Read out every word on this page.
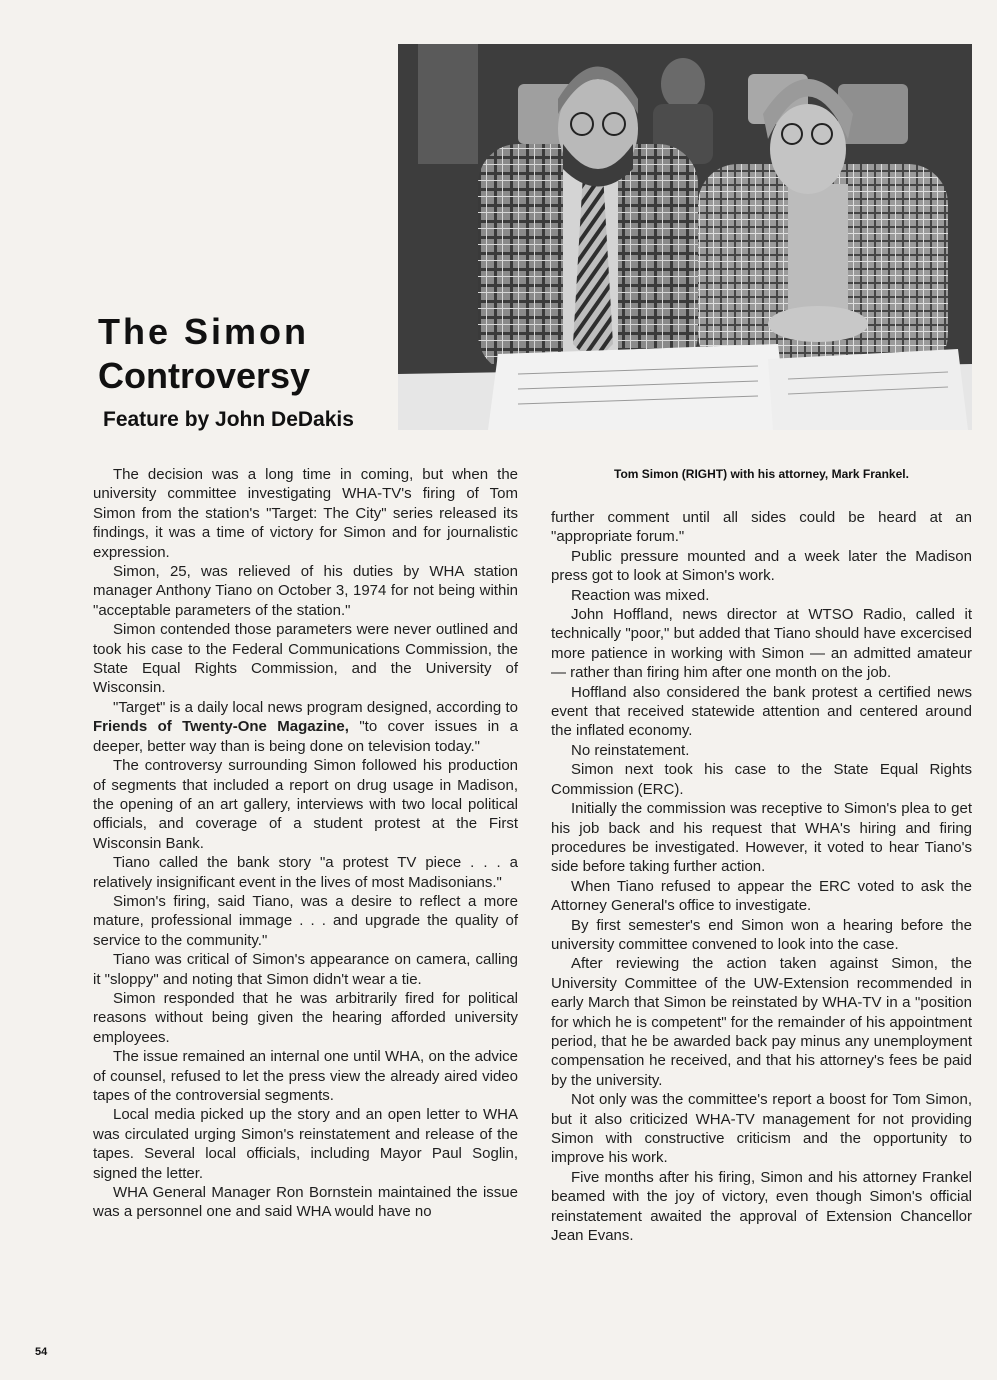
The Simon
Controversy
Feature by John DeDakis
Tom Simon (RIGHT) with his attorney, Mark Frankel.

The decision was a long time in coming, but when the university committee investigating WHA-TV's firing of Tom Simon from the station's "Target: The City" series released its findings, it was a time of victory for Simon and for journalistic expression.

Simon, 25, was relieved of his duties by WHA station manager Anthony Tiano on October 3, 1974 for not being within "acceptable parameters of the station."

Simon contended those parameters were never outlined and took his case to the Federal Communications Commission, the State Equal Rights Commission, and the University of Wisconsin.

"Target" is a daily local news program designed, according to Friends of Twenty-One Magazine, "to cover issues in a deeper, better way than is being done on television today."

The controversy surrounding Simon followed his production of segments that included a report on drug usage in Madison, the opening of an art gallery, interviews with two local political officials, and coverage of a student protest at the First Wisconsin Bank.

Tiano called the bank story "a protest TV piece . . . a relatively insignificant event in the lives of most Madisonians."

Simon's firing, said Tiano, was a desire to reflect a more mature, professional immage . . . and upgrade the quality of service to the community."

Tiano was critical of Simon's appearance on camera, calling it "sloppy" and noting that Simon didn't wear a tie.

Simon responded that he was arbitrarily fired for political reasons without being given the hearing afforded university employees.

The issue remained an internal one until WHA, on the advice of counsel, refused to let the press view the already aired video tapes of the controversial segments.

Local media picked up the story and an open letter to WHA was circulated urging Simon's reinstatement and release of the tapes. Several local officials, including Mayor Paul Soglin, signed the letter.

WHA General Manager Ron Bornstein maintained the issue was a personnel one and said WHA would have no

further comment until all sides could be heard at an "appropriate forum."

Public pressure mounted and a week later the Madison press got to look at Simon's work.

Reaction was mixed.

John Hoffland, news director at WTSO Radio, called it technically "poor," but added that Tiano should have excercised more patience in working with Simon — an admitted amateur — rather than firing him after one month on the job.

Hoffland also considered the bank protest a certified news event that received statewide attention and centered around the inflated economy.

No reinstatement.

Simon next took his case to the State Equal Rights Commission (ERC).

Initially the commission was receptive to Simon's plea to get his job back and his request that WHA's hiring and firing procedures be investigated. However, it voted to hear Tiano's side before taking further action.

When Tiano refused to appear the ERC voted to ask the Attorney General's office to investigate.

By first semester's end Simon won a hearing before the university committee convened to look into the case.

After reviewing the action taken against Simon, the University Committee of the UW-Extension recommended in early March that Simon be reinstated by WHA-TV in a "position for which he is competent" for the remainder of his appointment period, that he be awarded back pay minus any unemployment compensation he received, and that his attorney's fees be paid by the university.

Not only was the committee's report a boost for Tom Simon, but it also criticized WHA-TV management for not providing Simon with constructive criticism and the opportunity to improve his work.

Five months after his firing, Simon and his attorney Frankel beamed with the joy of victory, even though Simon's official reinstatement awaited the approval of Extension Chancellor Jean Evans.

54
